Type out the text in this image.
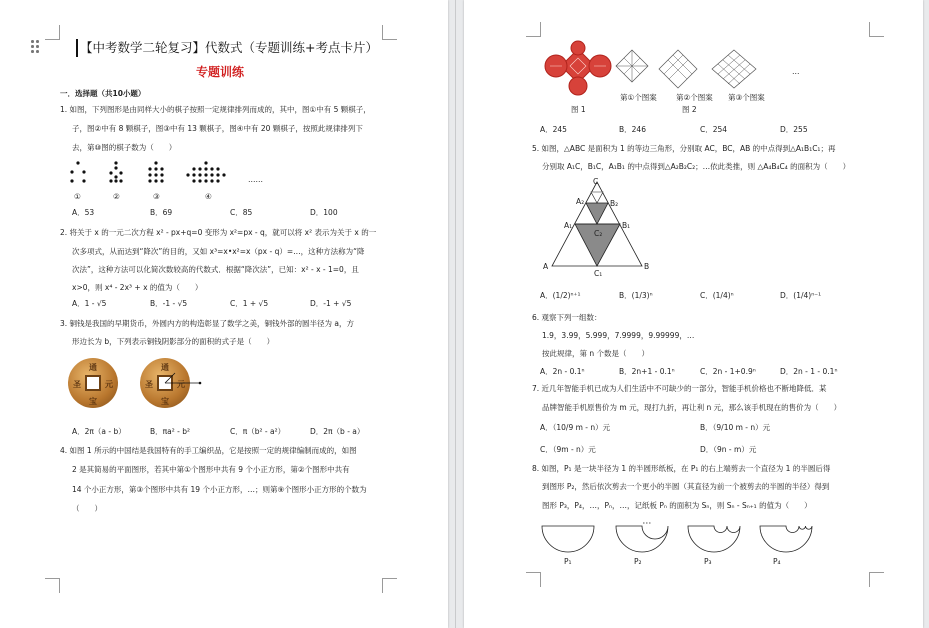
【中考数学二轮复习】代数式（专题训练+考点卡片）
专题训练
一．选择题（共10小题）
1. 如图，下列图形是由同样大小的棋子按照一定规律排列而成的，其中，图①中有 5 颗棋子，
子，图②中有 8 颗棋子，图③中有 13 颗棋子，图④中有 20 颗棋子，按照此规律排列下
去，第⑩图的棋子数为（　　）
……
①	②	③	④
A．53	B．69	C．85	D．100
2. 将关于 x 的一元二次方程 x² - px+q=0 变形为 x²=px - q，就可以将 x² 表示为关于 x 的一
次多项式，从而达到“降次”的目的，又如 x³=x•x²=x（px - q）=…，这种方法称为“降
次法”，这种方法可以化简次数较高的代数式．根据“降次法”，已知：x² - x - 1=0，且
x>0，则 x⁴ - 2x³ + x 的值为（　　）
A．1 - √5	B．-1 - √5	C．1 + √5	D．-1 + √5
3. 铜钱是我国的早期货币，外圆内方的构造彰显了数学之美，铜钱外部的圆半径为 a，方
形边长为 b，下列表示铜钱阴影部分的面积的式子是（　　）
通
宝
圣	元
通
宝
圣	元
A．2π（a - b）	B．πa² - b²	C．π（b² - a²）	D．2π（b - a）
4. 如图 1 所示的中国结是我国特有的手工编织品，它是按照一定的规律编制而成的，如图
2 是其简易的平面图形，若其中第①个图形中共有 9 个小正方形，第②个图形中共有
14 个小正方形，第③个图形中共有 19 个小正方形，…；则第⑨个图形小正方形的个数为
（　　）
图 1
…
第①个图案	第②个图案 第③个图案
图 2
A．245	B．246	C．254	D．255
5. 如图，△ABC 是面积为 1 的等边三角形，分别取 AC，BC，AB 的中点得到△A₁B₁C₁；再
分别取 A₁C，B₁C，A₁B₁ 的中点得到△A₂B₂C₂；…依此类推，则 △A₄B₄C₄ 的面积为（　　）
C
A₂	B₂
C₂
A₁	B₁
A
C₁
B
A．(1/2)ⁿ⁺¹	B．(1/3)ⁿ	C．(1/4)ⁿ	D．(1/4)ⁿ⁻¹
6. 观察下列一组数：
1.9，3.99，5.999，7.9999，9.99999，…
按此规律，第 n 个数是（　　）
A．2n - 0.1ⁿ	B．2n+1 - 0.1ⁿ	C．2n - 1+0.9ⁿ	D．2n - 1 - 0.1ⁿ
7. 近几年智能手机已成为人们生活中不可缺少的一部分，智能手机价格也不断地降低．某
品牌智能手机原售价为 m 元，现打九折，再让利 n 元，那么该手机现在的售价为（　　）
A．（10/9 m - n）元	B．（9/10 m - n）元
C．（9m - n）元	D．（9n - m）元
8. 如图，P₁ 是一块半径为 1 的半圆形纸板，在 P₁ 的右上端剪去一个直径为 1 的半圆后得
到图形 P₂，然后依次剪去一个更小的半圆（其直径为前一个被剪去的半圆的半径）得到
图形 P₃，P₄，…，Pₙ，…，记纸板 Pₙ 的面积为 Sₙ，则 Sₙ - Sₙ₊₁ 的值为（　　）
P₁	P₂	P₃	P₄
